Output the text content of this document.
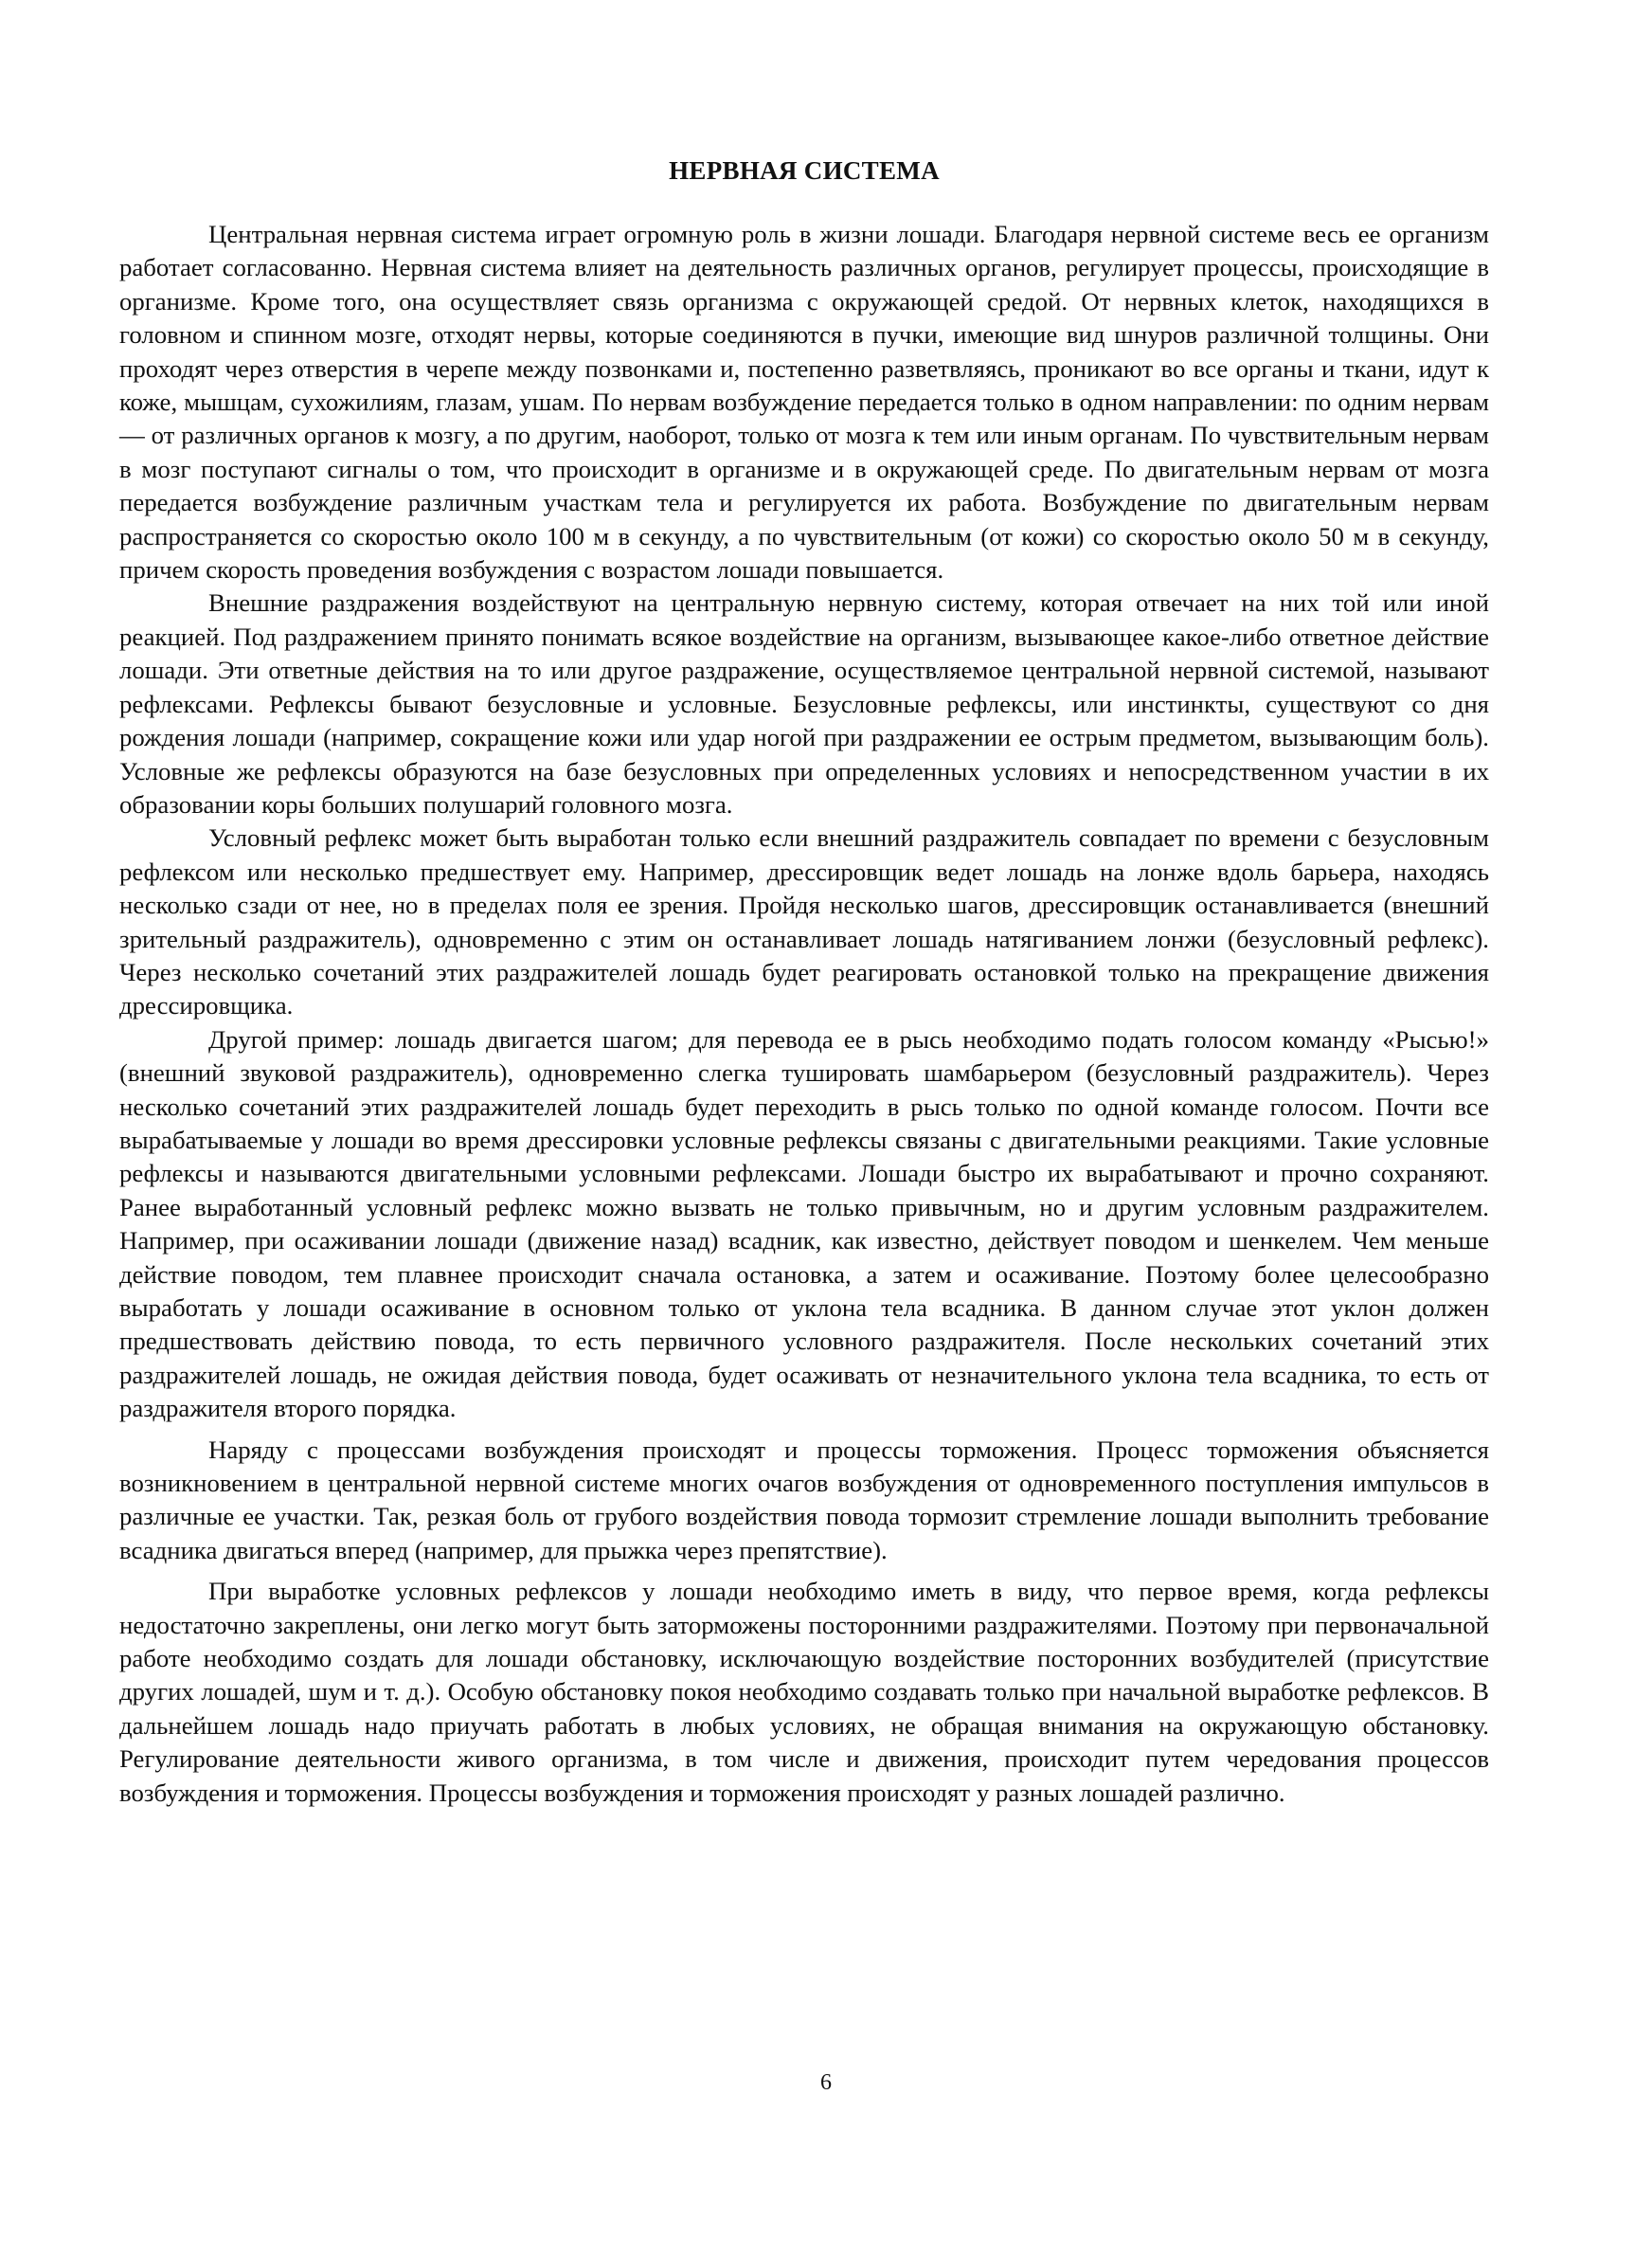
НЕРВНАЯ СИСТЕМА

Центральная нервная система играет огромную роль в жизни лошади. Благодаря нервной системе весь ее организм работает согласованно. Нервная система влияет на деятельность различных органов, регулирует процессы, происходящие в организме. Кроме того, она осуществляет связь организма с окружающей средой. От нервных клеток, находящихся в головном и спинном мозге, отходят нервы, которые соединяются в пучки, имеющие вид шнуров различной толщины. Они проходят через отверстия в черепе между позвонками и, постепенно разветвляясь, проникают во все органы и ткани, идут к коже, мышцам, сухожилиям, глазам, ушам. По нервам возбуждение передается только в одном направлении: по одним нервам — от различных органов к мозгу, а по другим, наоборот, только от мозга к тем или иным органам. По чувствительным нервам в мозг поступают сигналы о том, что происходит в организме и в окружающей среде. По двигательным нервам от мозга передается возбуждение различным участкам тела и регулируется их работа. Возбуждение по двигательным нервам распространяется со скоростью около 100 м в секунду, а по чувствительным (от кожи) со скоростью около 50 м в секунду, причем скорость проведения возбуждения с возрастом лошади повышается.

Внешние раздражения воздействуют на центральную нервную систему, которая отвечает на них той или иной реакцией. Под раздражением принято понимать всякое воздействие на организм, вызывающее какое-либо ответное действие лошади. Эти ответные действия на то или другое раздражение, осуществляемое центральной нервной системой, называют рефлексами. Рефлексы бывают безусловные и условные. Безусловные рефлексы, или инстинкты, существуют со дня рождения лошади (например, сокращение кожи или удар ногой при раздражении ее острым предметом, вызывающим боль). Условные же рефлексы образуются на базе безусловных при определенных условиях и непосредственном участии в их образовании коры больших полушарий головного мозга.

Условный рефлекс может быть выработан только если внешний раздражитель совпадает по времени с безусловным рефлексом или несколько предшествует ему. Например, дрессировщик ведет лошадь на лонже вдоль барьера, находясь несколько сзади от нее, но в пределах поля ее зрения. Пройдя несколько шагов, дрессировщик останавливается (внешний зрительный раздражитель), одновременно с этим он останавливает лошадь натягиванием лонжи (безусловный рефлекс). Через несколько сочетаний этих раздражителей лошадь будет реагировать остановкой только на прекращение движения дрессировщика.

Другой пример: лошадь двигается шагом; для перевода ее в рысь необходимо подать голосом команду «Рысью!» (внешний звуковой раздражитель), одновременно слегка тушировать шамбарьером (безусловный раздражитель). Через несколько сочетаний этих раздражителей лошадь будет переходить в рысь только по одной команде голосом. Почти все вырабатываемые у лошади во время дрессировки условные рефлексы связаны с двигательными реакциями. Такие условные рефлексы и называются двигательными условными рефлексами. Лошади быстро их вырабатывают и прочно сохраняют. Ранее выработанный условный рефлекс можно вызвать не только привычным, но и другим условным раздражителем. Например, при осаживании лошади (движение назад) всадник, как известно, действует поводом и шенкелем. Чем меньше действие поводом, тем плавнее происходит сначала остановка, а затем и осаживание. Поэтому более целесообразно выработать у лошади осаживание в основном только от уклона тела всадника. В данном случае этот уклон должен предшествовать действию повода, то есть первичного условного раздражителя. После нескольких сочетаний этих раздражителей лошадь, не ожидая действия повода, будет осаживать от незначительного уклона тела всадника, то есть от раздражителя второго порядка.

Наряду с процессами возбуждения происходят и процессы торможения. Процесс торможения объясняется возникновением в центральной нервной системе многих очагов возбуждения от одновременного поступления импульсов в различные ее участки. Так, резкая боль от грубого воздействия повода тормозит стремление лошади выполнить требование всадника двигаться вперед (например, для прыжка через препятствие).

При выработке условных рефлексов у лошади необходимо иметь в виду, что первое время, когда рефлексы недостаточно закреплены, они легко могут быть заторможены посторонними раздражителями. Поэтому при первоначальной работе необходимо создать для лошади обстановку, исключающую воздействие посторонних возбудителей (присутствие других лошадей, шум и т. д.). Особую обстановку покоя необходимо создавать только при начальной выработке рефлексов. В дальнейшем лошадь надо приучать работать в любых условиях, не обращая внимания на окружающую обстановку. Регулирование деятельности живого организма, в том числе и движения, происходит путем чередования процессов возбуждения и торможения. Процессы возбуждения и торможения происходят у разных лошадей различно.

6
